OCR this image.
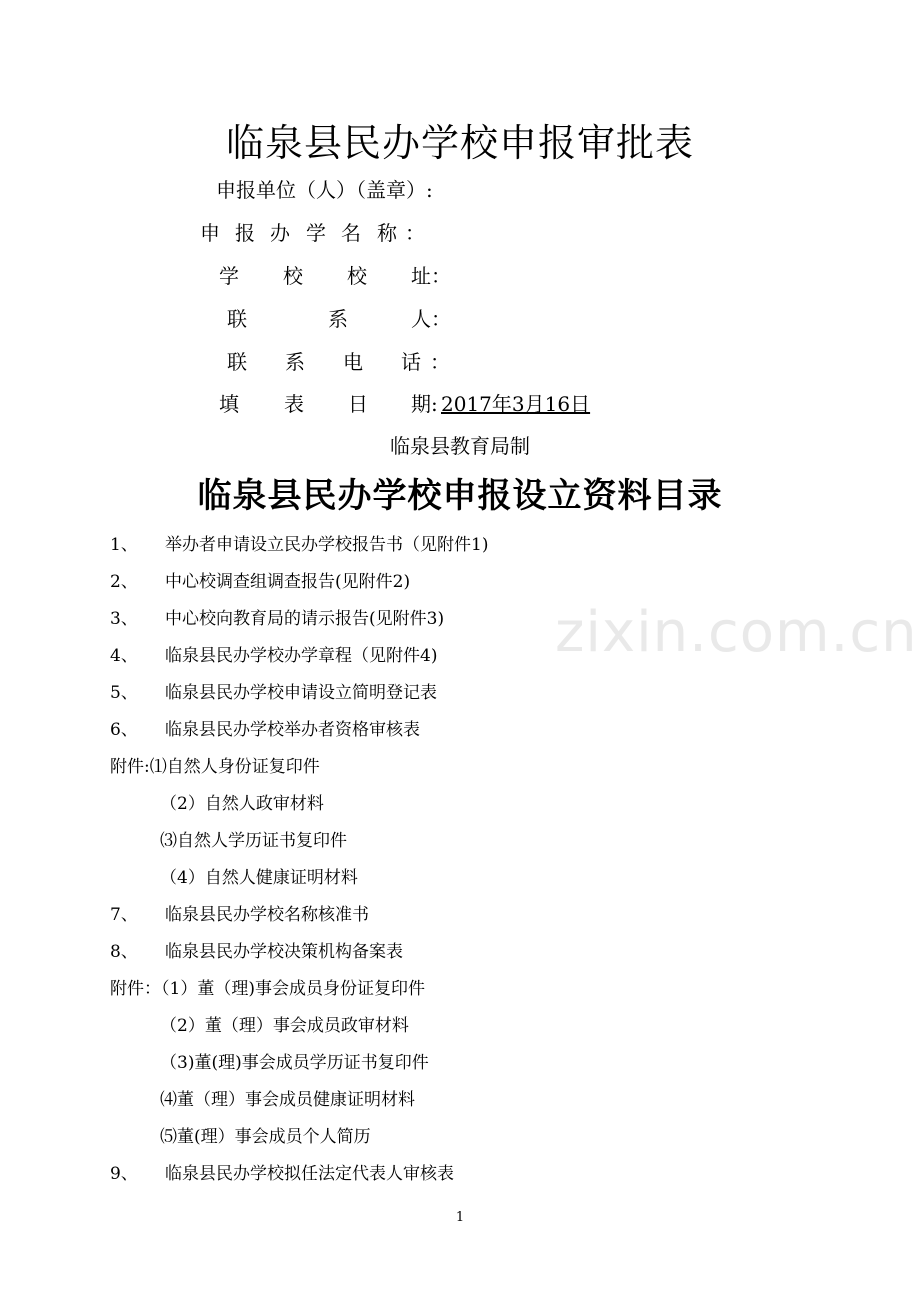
临泉县民办学校申报审批表
申报单位（人）（盖章）:
申 报 办 学 名 称 ：
学 校 校 址：
联	系	人：
联 系 电 话 ：
填 表 日 期: 2017年3月16日
临泉县教育局制
临泉县民办学校申报设立资料目录
zixin.com.cn
1、 举办者申请设立民办学校报告书（见附件1)
2、 中心校调查组调查报告(见附件2)
3、 中心校向教育局的请示报告(见附件3)
4、 临泉县民办学校办学章程（见附件4)
5、 临泉县民办学校申请设立简明登记表
6、 临泉县民办学校举办者资格审核表
附件:⑴自然人身份证复印件
（2）自然人政审材料
⑶自然人学历证书复印件
（4）自然人健康证明材料
7、 临泉县民办学校名称核准书
8、 临泉县民办学校决策机构备案表
附件：（1）董（理)事会成员身份证复印件
（2）董（理）事会成员政审材料
（3)董(理)事会成员学历证书复印件
⑷董（理）事会成员健康证明材料
⑸董(理）事会成员个人简历
9、 临泉县民办学校拟任法定代表人审核表
1
